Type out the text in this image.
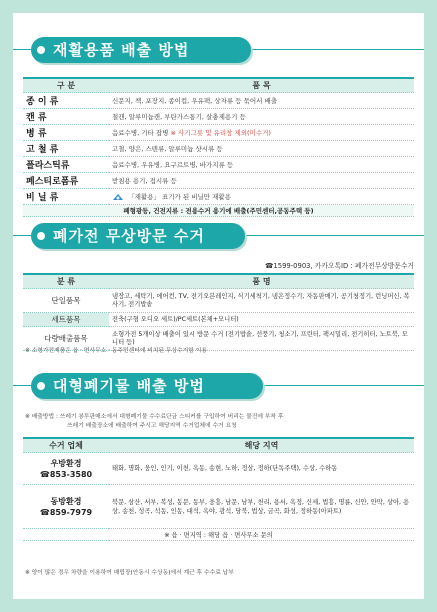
재활용품 배출 방법
구 분	품 목
종 이 류	신문지, 책, 포장지, 종이컵, 우유팩, 상자류 등 묶어서 배출
캔 류	철캔, 알루미늄캔, 부탄가스통기, 살충제용기 등
병 류	음료수병, 기타 잡병 ※ 사기그릇 및 유리창 제외(미수거)
고 철 류	고철, 양은, 스텐류, 알루미늄 샷시류 등
플라스틱류	음료수병, 우유병, 요구르트병, 바가지류 등
페스티로폼류	받침용 용기, 접시류 등
비 닐 류	「재활용」 표기가 된 비닐만 재활용
폐형광등, 건전지류 : 전용수거 용기에 배출(주민센터,공동주택 등)	
폐가전 무상방문 수거
☎1599-0903, 카카오톡ID : 폐가전무상방문수거
분 류	품 명
단일품목	냉장고, 세탁기, 에어컨, TV, 전기오븐레인지, 식기세척기, 냉온정수기, 자동판매기, 공기청정기, 런닝머신, 복사기, 전기밥솥
세트품목	전축(구형 오디오 세트)/PC세트(본체+모니터)
다량배출품목	소형가전 5개이상 배출이 있시 방문 수거 (전기밥솥, 선풍기, 청소기, 프린터, 팩시밀리, 전기히터, 노트북, 모니터 등)
※ 소형가전제품은 읍 · 면사무소 · 동주민센터에 비치된 무상수거함 이용
대형폐기물 배출 방법
※ 배출방법 : 쓰레기 봉투판매소에서 대형폐기물 수수료단금 스티커를 구입하여 버리는 물건에 부착 후
쓰레기 배출장소에 배출하여 주시고 해당지역 수거업체에 수거 요청
수거 업체	해당 지역

우방환경
☎853-3580	태화, 명화, 웅인, 인기, 이천, 옥동, 송현, 노하, 정삼, 정하(단독주택), 수상, 수하동

동방환경
☎859-7979	북문, 삼산, 서부, 복성, 동문, 동부, 웅흥, 남문, 남부, 천리, 용서, 옥정, 신세, 법흥, 명륜, 신안, 안막, 상아, 용상, 송천, 성곡, 석동, 인동, 대석, 옥야, 광석, 당북, 법상, 금곡, 화성, 정하동(아파트)
※ 읍 · 면지역 : 해당 읍 · 면사무소 문의	
※ 양이 많은 경우 차량을 이용하여 매립장(안동시 수상동)에서 계근 후 수수료 납부
